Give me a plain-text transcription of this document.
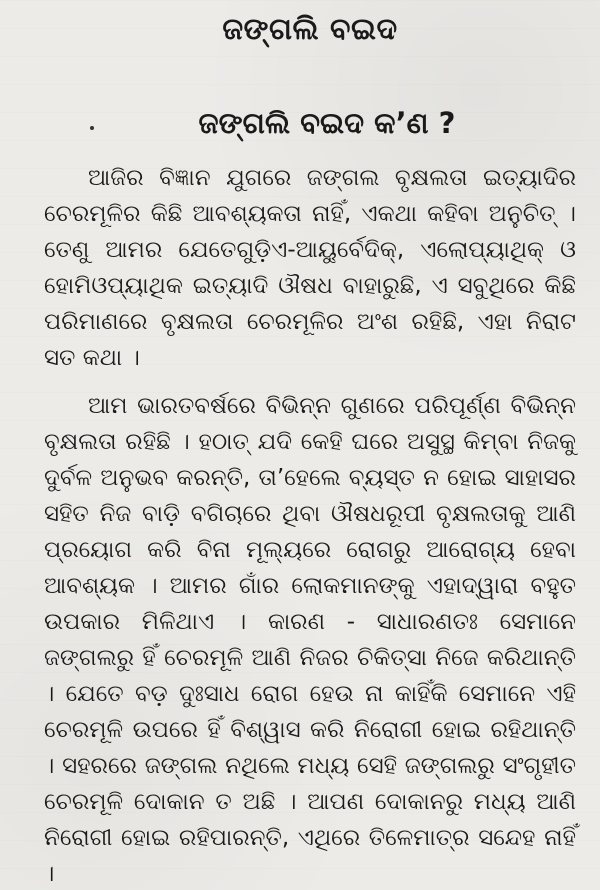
ଜଙ୍ଗଲି ବଇଦ
ଜଙ୍ଗଲି ବଇଦ କ’ଣ ?

ଆଜିର ବିଜ୍ଞାନ ଯୁଗରେ ଜଙ୍ଗଲ ବୃକ୍ଷଲତା ଇତ୍ୟାଦିର ଚେରମୂଳିର କିଛି ଆବଶ୍ୟକତା ନାହିଁ, ଏକଥା କହିବା ଅନୁଚିତ୍ । ତେଣୁ ଆମର ଯେତେଗୁଡ଼ିଏ-ଆୟୁର୍ବେଦିକ୍, ଏଲୋପ୍ୟାଥିକ୍ ଓ ହୋମିଓପ୍ୟାଥିକ ଇତ୍ୟାଦି ଔଷଧ ବାହାରୁଛି, ଏ ସବୁଥିରେ କିଛି ପରିମାଣରେ ବୃକ୍ଷଲତା ଚେରମୂଳିର ଅଂଶ ରହିଛି, ଏହା ନିରାଟ ସତ କଥା ।

ଆମ ଭାରତବର୍ଷରେ ବିଭିନ୍ନ ଗୁଣରେ ପରିପୂର୍ଣ୍ଣ ବିଭିନ୍ନ ବୃକ୍ଷଲତା ରହିଛି । ହଠାତ୍ ଯଦି କେହି ଘରେ ଅସୁସ୍ଥ କିମ୍ବା ନିଜକୁ ଦୁର୍ବଳ ଅନୁଭବ କରନ୍ତି, ତା’ହେଲେ ବ୍ୟସ୍ତ ନ ହୋଇ ସାହାସର ସହିତ ନିଜ ବାଡ଼ି ବଗିଚାରେ ଥିବା ଔଷଧରୂପୀ ବୃକ୍ଷଲତାକୁ ଆଣି ପ୍ରୟୋଗ କରି ବିନା ମୂଲ୍ୟରେ ରୋଗରୁ ଆରୋଗ୍ୟ ହେବା ଆବଶ୍ୟକ । ଆମର ଗାଁର ଲୋକମାନଙ୍କୁ ଏହାଦ୍ୱାରା ବହୁତ ଉପକାର ମିଳିଥାଏ । କାରଣ - ସାଧାରଣତଃ ସେମାନେ ଜଙ୍ଗଲରୁ ହିଁ ଚେରମୂଳି ଆଣି ନିଜର ଚିକିତ୍ସା ନିଜେ କରିଥାନ୍ତି । ଯେତେ ବଡ଼ ଦୁଃସାଧ ରୋଗ ହେଉ ନା କାହିଁକି ସେମାନେ ଏହି ଚେରମୂଳି ଉପରେ ହିଁ ବିଶ୍ୱାସ କରି ନିରୋଗୀ ହୋଇ ରହିଥାନ୍ତି । ସହରରେ ଜଙ୍ଗଲ ନଥିଲେ ମଧ୍ୟ ସେହି ଜଙ୍ଗଲରୁ ସଂଗୃହୀତ ଚେରମୂଳି ଦୋକାନ ତ ଅଛି । ଆପଣ ଦୋକାନରୁ ମଧ୍ୟ ଆଣି ନିରୋଗୀ ହୋଇ ରହିପାରନ୍ତି, ଏଥିରେ ତିଳେମାତ୍ର ସନ୍ଦେହ ନାହିଁ ।
